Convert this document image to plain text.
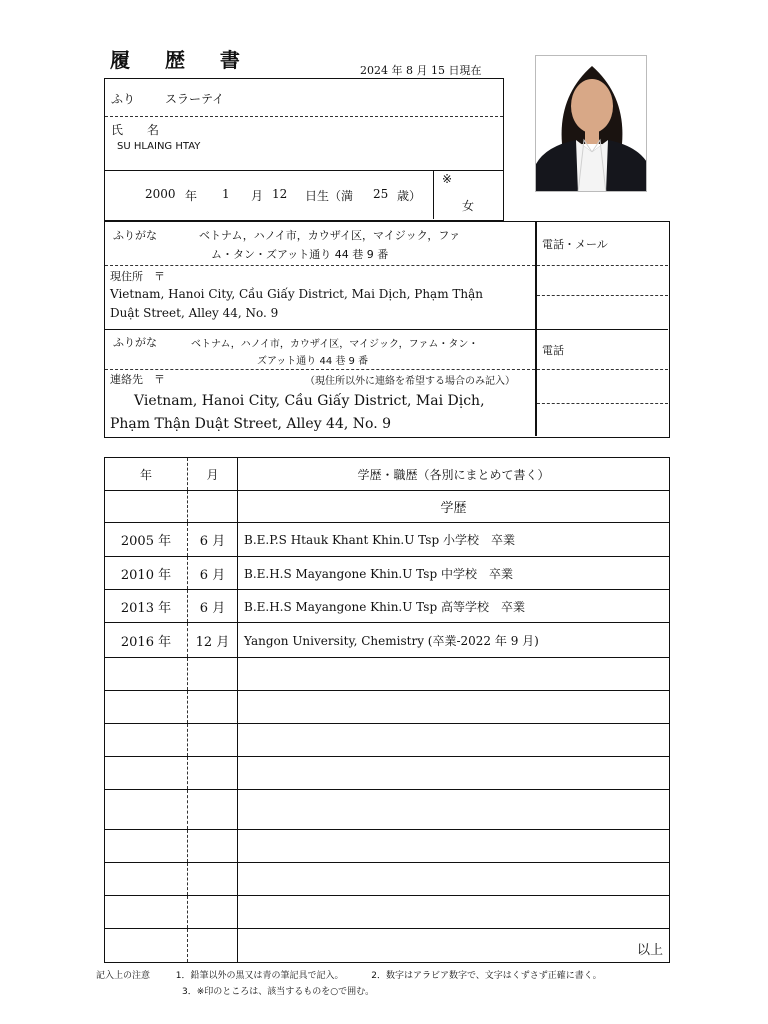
履 歴 書	2024 年 8 月 15 日現在
ふり スラーテイ
氏　　名
SU HLAING HTAY
2000 年 1 月 12 日生（満 25 歳）
※
女
ふりがな	ベトナム，ハノイ市，カウザイ区，マイジック，ファ
ム・タン・ズアット通り 44 巷 9 番
現住所　〒
Vietnam, Hanoi City, Cầu Giấy District, Mai Dịch, Phạm Thận
Duật Street, Alley 44, No. 9
電話・メール
ふりがな	ベトナム，ハノイ市，カウザイ区，マイジック，ファム・タン・
ズアット通り 44 巷 9 番
連絡先　〒	（現住所以外に連絡を希望する場合のみ記入）
Vietnam, Hanoi City, Cầu Giấy District, Mai Dịch,
Phạm Thận Duật Street, Alley 44, No. 9
電話
年	月	学歴・職歴（各別にまとめて書く）
		学歴
2005 年	6 月	B.E.P.S Htauk Khant Khin.U Tsp 小学校　卒業
2010 年	6 月	B.E.H.S Mayangone Khin.U Tsp 中学校　卒業
2013 年	6 月	B.E.H.S Mayangone Khin.U Tsp 高等学校　卒業
2016 年	12 月	Yangon University, Chemistry (卒業-2022 年 9 月)

		以上
記入上の注意	1．鉛筆以外の黒又は青の筆記具で記入。	2．数字はアラビア数字で、文字はくずさず正確に書く。
3．※印のところは、該当するものを○で囲む。
